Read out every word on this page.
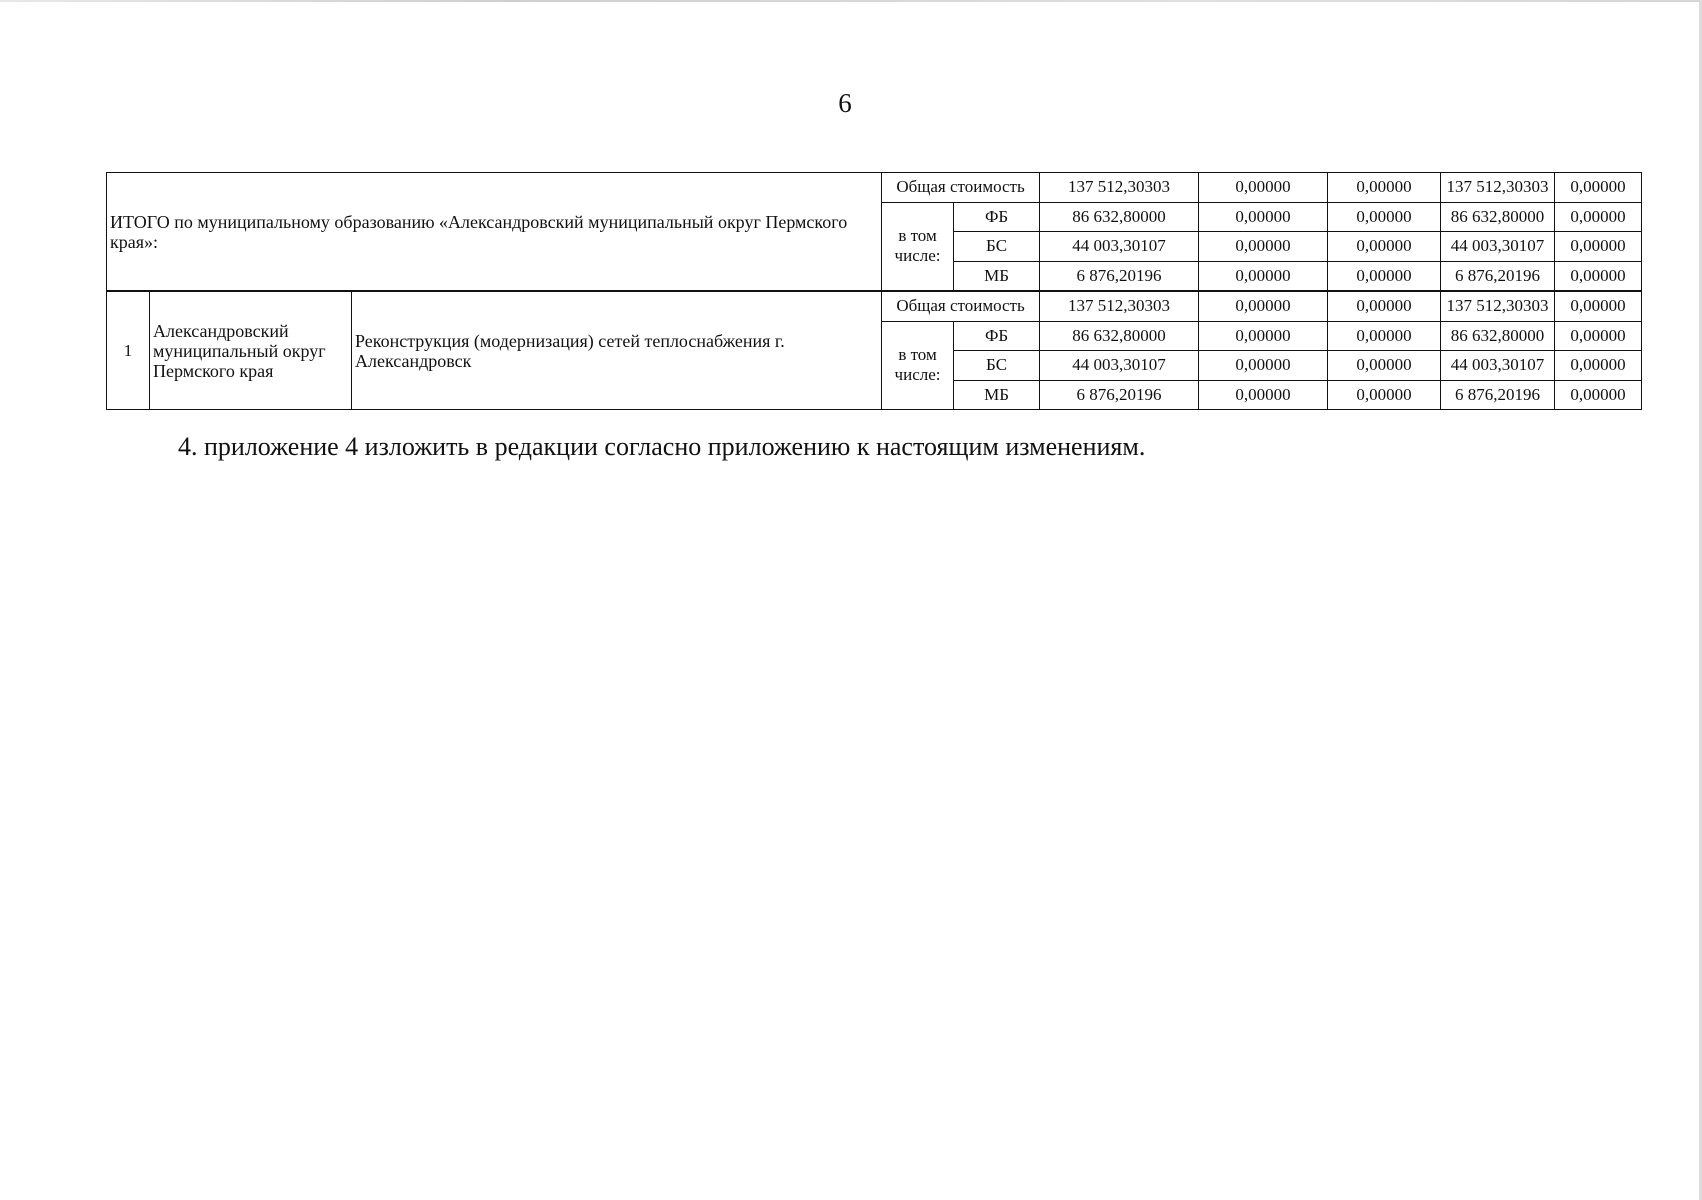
6
ИТОГО по муниципальному образованию «Александровский муниципальный округ Пермского края»:			Общая стоимость		137 512,30303	0,00000	0,00000	137 512,30303	0,00000
			в том числе:	ФБ	86 632,80000	0,00000	0,00000	86 632,80000	0,00000
				БС	44 003,30107	0,00000	0,00000	44 003,30107	0,00000
				МБ	6 876,20196	0,00000	0,00000	6 876,20196	0,00000
1	Александровский муниципальный округ Пермского края	Реконструкция (модернизация) сетей теплоснабжения г. Александровск	Общая стоимость		137 512,30303	0,00000	0,00000	137 512,30303	0,00000
			в том числе:	ФБ	86 632,80000	0,00000	0,00000	86 632,80000	0,00000
				БС	44 003,30107	0,00000	0,00000	44 003,30107	0,00000
				МБ	6 876,20196	0,00000	0,00000	6 876,20196	0,00000
4. приложение 4 изложить в редакции согласно приложению к настоящим изменениям.
